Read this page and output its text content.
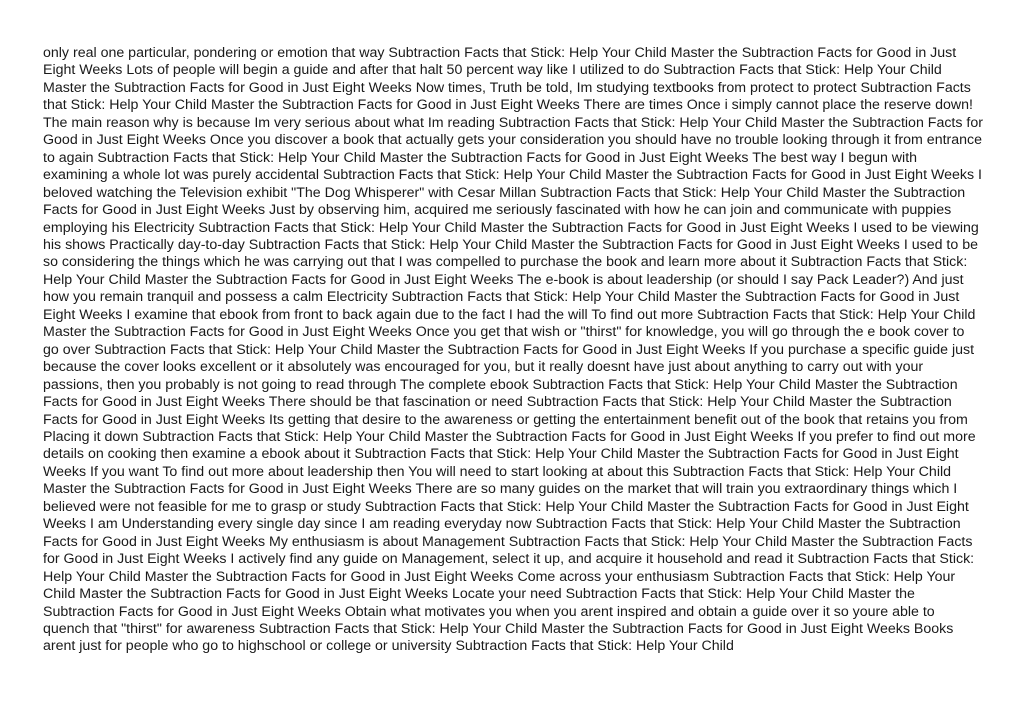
only real one particular, pondering or emotion that way Subtraction Facts that Stick: Help Your Child Master the Subtraction Facts for Good in Just Eight Weeks Lots of people will begin a guide and after that halt 50 percent way like I utilized to do Subtraction Facts that Stick: Help Your Child Master the Subtraction Facts for Good in Just Eight Weeks Now times, Truth be told, Im studying textbooks from protect to protect Subtraction Facts that Stick: Help Your Child Master the Subtraction Facts for Good in Just Eight Weeks There are times Once i simply cannot place the reserve down! The main reason why is because Im very serious about what Im reading Subtraction Facts that Stick: Help Your Child Master the Subtraction Facts for Good in Just Eight Weeks Once you discover a book that actually gets your consideration you should have no trouble looking through it from entrance to again Subtraction Facts that Stick: Help Your Child Master the Subtraction Facts for Good in Just Eight Weeks The best way I begun with examining a whole lot was purely accidental Subtraction Facts that Stick: Help Your Child Master the Subtraction Facts for Good in Just Eight Weeks I beloved watching the Television exhibit "The Dog Whisperer" with Cesar Millan Subtraction Facts that Stick: Help Your Child Master the Subtraction Facts for Good in Just Eight Weeks Just by observing him, acquired me seriously fascinated with how he can join and communicate with puppies employing his Electricity Subtraction Facts that Stick: Help Your Child Master the Subtraction Facts for Good in Just Eight Weeks I used to be viewing his shows Practically day-to-day Subtraction Facts that Stick: Help Your Child Master the Subtraction Facts for Good in Just Eight Weeks I used to be so considering the things which he was carrying out that I was compelled to purchase the book and learn more about it Subtraction Facts that Stick: Help Your Child Master the Subtraction Facts for Good in Just Eight Weeks The e-book is about leadership (or should I say Pack Leader?) And just how you remain tranquil and possess a calm Electricity Subtraction Facts that Stick: Help Your Child Master the Subtraction Facts for Good in Just Eight Weeks I examine that ebook from front to back again due to the fact I had the will To find out more Subtraction Facts that Stick: Help Your Child Master the Subtraction Facts for Good in Just Eight Weeks Once you get that wish or "thirst" for knowledge, you will go through the e book cover to go over Subtraction Facts that Stick: Help Your Child Master the Subtraction Facts for Good in Just Eight Weeks If you purchase a specific guide just because the cover looks excellent or it absolutely was encouraged for you, but it really doesnt have just about anything to carry out with your passions, then you probably is not going to read through The complete ebook Subtraction Facts that Stick: Help Your Child Master the Subtraction Facts for Good in Just Eight Weeks There should be that fascination or need Subtraction Facts that Stick: Help Your Child Master the Subtraction Facts for Good in Just Eight Weeks Its getting that desire to the awareness or getting the entertainment benefit out of the book that retains you from Placing it down Subtraction Facts that Stick: Help Your Child Master the Subtraction Facts for Good in Just Eight Weeks If you prefer to find out more details on cooking then examine a ebook about it Subtraction Facts that Stick: Help Your Child Master the Subtraction Facts for Good in Just Eight Weeks If you want To find out more about leadership then You will need to start looking at about this Subtraction Facts that Stick: Help Your Child Master the Subtraction Facts for Good in Just Eight Weeks There are so many guides on the market that will train you extraordinary things which I believed were not feasible for me to grasp or study Subtraction Facts that Stick: Help Your Child Master the Subtraction Facts for Good in Just Eight Weeks I am Understanding every single day since I am reading everyday now Subtraction Facts that Stick: Help Your Child Master the Subtraction Facts for Good in Just Eight Weeks My enthusiasm is about Management Subtraction Facts that Stick: Help Your Child Master the Subtraction Facts for Good in Just Eight Weeks I actively find any guide on Management, select it up, and acquire it household and read it Subtraction Facts that Stick: Help Your Child Master the Subtraction Facts for Good in Just Eight Weeks Come across your enthusiasm Subtraction Facts that Stick: Help Your Child Master the Subtraction Facts for Good in Just Eight Weeks Locate your need Subtraction Facts that Stick: Help Your Child Master the Subtraction Facts for Good in Just Eight Weeks Obtain what motivates you when you arent inspired and obtain a guide over it so youre able to quench that "thirst" for awareness Subtraction Facts that Stick: Help Your Child Master the Subtraction Facts for Good in Just Eight Weeks Books arent just for people who go to highschool or college or university Subtraction Facts that Stick: Help Your Child
